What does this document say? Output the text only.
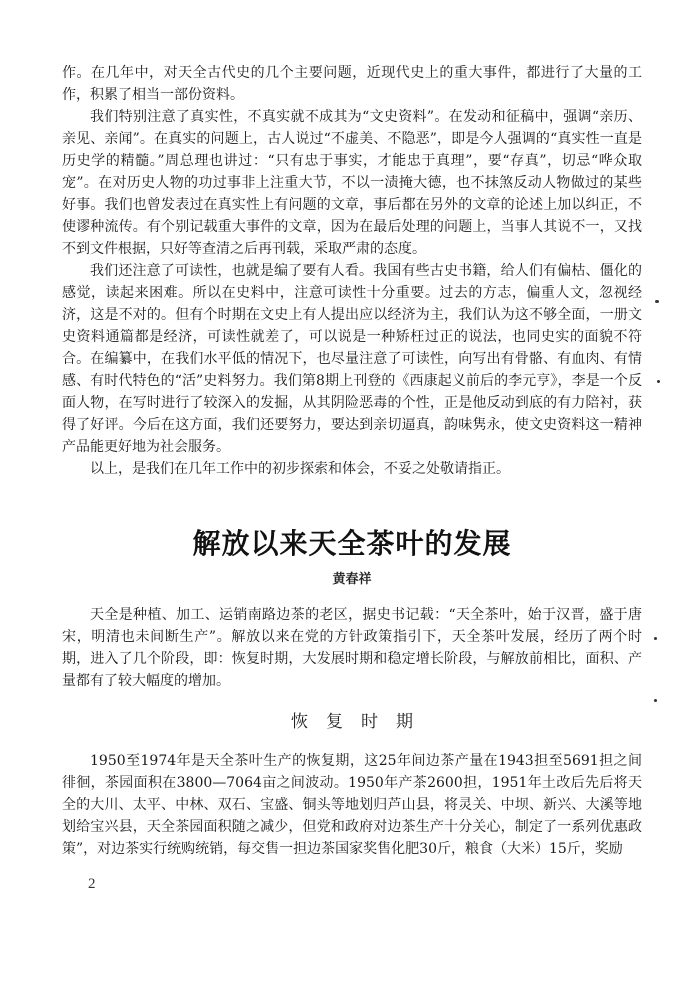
作。在几年中，对天全古代史的几个主要问题，近现代史上的重大事件，都进行了大量的工作，积累了相当一部份资料。

我们特别注意了真实性，不真实就不成其为“文史资料”。在发动和征稿中，强调“亲历、亲见、亲闻”。在真实的问题上，古人说过“不虚美、不隐恶”，即是今人强调的“真实性一直是历史学的精髓。”周总理也讲过：“只有忠于事实，才能忠于真理”，要“存真”，切忌“哗众取宠”。在对历史人物的功过事非上注重大节，不以一渍掩大德，也不抹煞反动人物做过的某些好事。我们也曾发表过在真实性上有问题的文章，事后都在另外的文章的论述上加以纠正，不使谬种流传。有个别记载重大事件的文章，因为在最后处理的问题上，当事人其说不一，又找不到文件根据，只好等查清之后再刊载，采取严肃的态度。

我们还注意了可读性，也就是编了要有人看。我国有些古史书籍，给人们有偏枯、僵化的感觉，读起来困难。所以在史料中，注意可读性十分重要。过去的方志，偏重人文，忽视经济，这是不对的。但有个时期在文史上有人提出应以经济为主，我们认为这不够全面，一册文史资料通篇都是经济，可读性就差了，可以说是一种矫枉过正的说法，也同史实的面貌不符合。在编纂中，在我们水平低的情况下，也尽量注意了可读性，向写出有骨骼、有血肉、有情感、有时代特色的“活”史料努力。我们第8期上刊登的《西康起义前后的李元亨》，李是一个反面人物，在写时进行了较深入的发掘，从其阴险恶毒的个性，正是他反动到底的有力陪衬，获得了好评。今后在这方面，我们还要努力，要达到亲切逼真，韵味隽永，使文史资料这一精神产品能更好地为社会服务。

以上，是我们在几年工作中的初步探索和体会，不妥之处敬请指正。

解放以来天全茶叶的发展

黄春祥

天全是种植、加工、运销南路边茶的老区，据史书记载：“天全茶叶，始于汉晋，盛于唐宋，明清也未间断生产”。解放以来在党的方针政策指引下，天全茶叶发展，经历了两个时期，进入了几个阶段，即：恢复时期，大发展时期和稳定增长阶段，与解放前相比，面积、产量都有了较大幅度的增加。

恢复时期

1950至1974年是天全茶叶生产的恢复期，这25年间边茶产量在1943担至5691担之间徘徊，茶园面积在3800—7064亩之间波动。1950年产茶2600担，1951年土改后先后将天全的大川、太平、中林、双石、宝盛、铜头等地划归芦山县，将灵关、中坝、新兴、大溪等地划给宝兴县，天全茶园面积随之减少，但党和政府对边茶生产十分关心，制定了一系列优惠政策”，对边茶实行统购统销，每交售一担边茶国家奖售化肥30斤，粮食（大米）15斤，奖励

2
